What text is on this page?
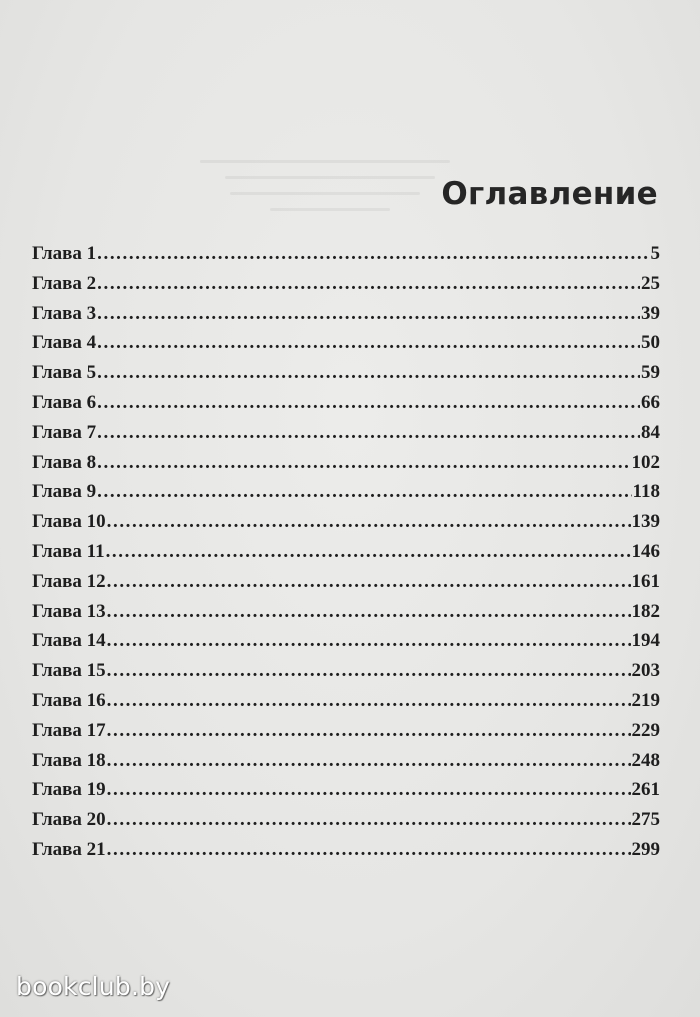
Оглавление
Глава 1 .....	5
Глава 2 .....	25
Глава 3 .....	39
Глава 4 .....	50
Глава 5 .....	59
Глава 6 .....	66
Глава 7 .....	84
Глава 8 .....	102
Глава 9 .....	118
Глава 10 .....	139
Глава 11 .....	146
Глава 12 .....	161
Глава 13 .....	182
Глава 14 .....	194
Глава 15 .....	203
Глава 16 .....	219
Глава 17 .....	229
Глава 18 .....	248
Глава 19 .....	261
Глава 20 .....	275
Глава 21 .....	299
bookclub.by
